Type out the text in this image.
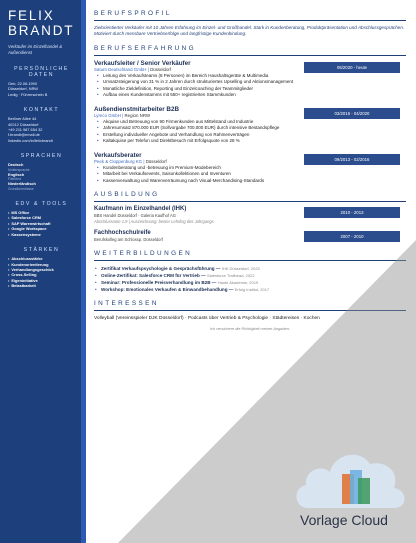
FELIX
BRANDT
Verkäufer im Einzelhandel & Außendienst
PERSÖNLICHE DATEN
Geb. 22.06.1990
Düsseldorf, NRW
Ledig · Führerschein B
KONTAKT
Berliner Allee 44
40212 Düsseldorf
+49 211 987 654 32
f.brandt@email.de
linkedin.com/in/felixbrandt
SPRACHEN
Deutsch
Muttersprache
Englisch
Fließend
Niederländisch
Grundkenntnisse
EDV & TOOLS
• MS Office
• Salesforce CRM
• SAP Warenwirtschaft
• Google Workspace
• Kassensysteme
STÄRKEN
• Abschlussstärke
• Kundenorientierung
• Verhandlungsgeschick
• Cross-Selling
• Eigeninitiative
• Belastbarkeit
BERUFSPROFIL
Zielorientierter Verkäufer mit 10 Jahren Erfahrung im Einzel- und Großhandel. Stark in Kundenberatung, Produktpräsentation und Abschlussgesprächen. Motiviert durch messbare Vertriebserfolge und langfristige Kundenbindung.
BERUFSERFAHRUNG
Verkaufsleiter / Senior Verkäufer
Saturn Deutschland GmbH | Düsseldorf	05/2020 - heute
• Leitung des Verkaufsteams (8 Personen) im Bereich Haushaltsgeräte & Multimedia
• Umsatzsteigerung von 31 % in 2 Jahren durch strukturiertes Upselling und Aktionsmanagement
• Monatliche Zieldefinition, Reporting und Einzelcoaching der Teammitglieder
• Aufbau eines Kundenstamms mit 550+ registrierten Stammkunden
Außendienstmitarbeiter B2B
Lyreco GmbH | Region NRW	03/2016 - 04/2020
• Akquise und Betreuung von 90 Firmenkunden aus Mittelstand und Industrie
• Jahresumsatz 870.000 EUR (Sollvorgabe 700.000 EUR) durch intensive Bestandspflege
• Erstellung individueller Angebote und Verhandlung von Rahmenverträgen
• Kaltakquise per Telefon und Direktbesuch mit Erfolgsquote von 28 %
Verkaufsberater
Peek & Cloppenburg KG | Düsseldorf	09/2013 - 02/2016
• Kundenberatung und -betreuung im Premium-Modebereich
• Mitarbeit bei Verkaufsevents, Saisonkollektionen und Inventuren
• Kassenverwaltung und Warenverräumung nach Visual-Merchandising-Standards
AUSBILDUNG
Kaufmann im Einzelhandel (IHK)
BBS Handel Düsseldorf · Galeria Kaufhof AG
Abschlussnote 1,9 | Auszeichnung: bester Lehrling des Jahrgangs
2010 - 2013
Fachhochschulreife
Berufskolleg am Schlossp. Düsseldorf
2007 - 2010
WEITERBILDUNGEN
• Zertifikat Verkaufspsychologie & Gesprächsführung — IHK Düsseldorf, 2023
• Online-Zertifikat: Salesforce CRM für Vertrieb — Salesforce Trailhead, 2022
• Seminar: Professionelle Preisverhandlung im B2B — Haufe Akademie, 2019
• Workshop: Emotionales Verkaufen & Einwandbehandlung — Erfolg Institut, 2017
INTERESSEN
Volleyball (Vereinsspieler DJK Düsseldorf) · Podcasts über Vertrieb & Psychologie · Städtereisen · Kochen
Ich versichere die Richtigkeit meiner Angaben.
Vorlage Cloud
